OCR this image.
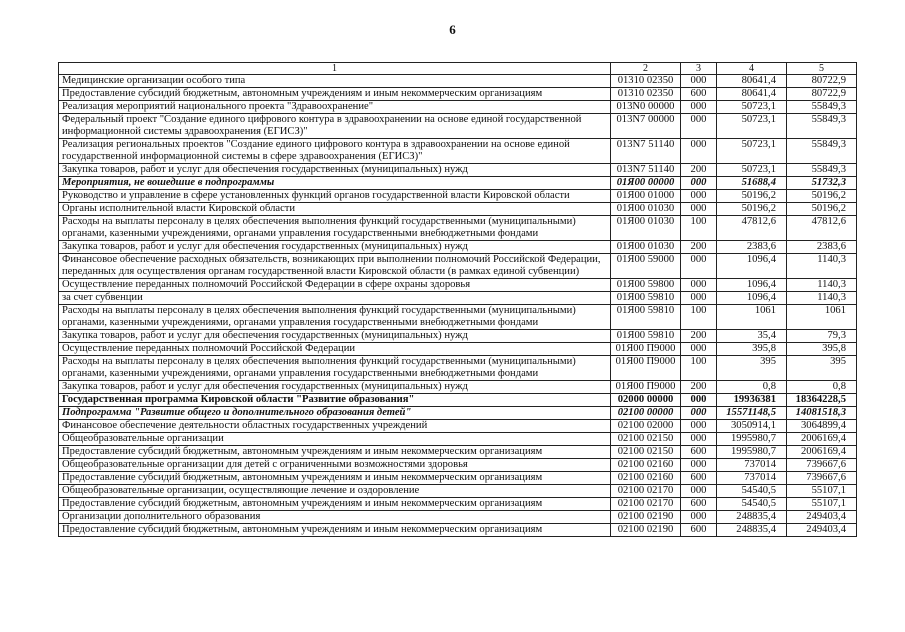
6
1	2	3	4	5
Медицинские организации особого типа	01310 02350	000	80641,4	80722,9
Предоставление субсидий бюджетным, автономным учреждениям и иным некоммерческим организациям	01310 02350	600	80641,4	80722,9
Реализация мероприятий национального проекта "Здравоохранение"	013N0 00000	000	50723,1	55849,3
Федеральный проект "Создание единого цифрового контура в здравоохранении на основе единой государственной информационной системы здравоохранения (ЕГИСЗ)"	013N7 00000	000	50723,1	55849,3
Реализация региональных проектов "Создание единого цифрового контура в здравоохранении на основе единой государственной информационной системы в сфере здравоохранения (ЕГИСЗ)"	013N7 51140	000	50723,1	55849,3
Закупка товаров, работ и услуг для обеспечения государственных (муниципальных) нужд	013N7 51140	200	50723,1	55849,3
Мероприятия, не вошедшие в подпрограммы	01Я00 00000	000	51688,4	51732,3
Руководство и управление в сфере установленных функций органов государственной власти Кировской области	01Я00 01000	000	50196,2	50196,2
Органы исполнительной власти Кировской области	01Я00 01030	000	50196,2	50196,2
Расходы на выплаты персоналу в целях обеспечения выполнения функций государственными (муниципальными) органами, казенными учреждениями, органами управления государственными внебюджетными фондами	01Я00 01030	100	47812,6	47812,6
Закупка товаров, работ и услуг для обеспечения государственных (муниципальных) нужд	01Я00 01030	200	2383,6	2383,6
Финансовое обеспечение расходных обязательств, возникающих при выполнении полномочий Российской Федерации, переданных для осуществления органам государственной власти Кировской области (в рамках единой субвенции)	01Я00 59000	000	1096,4	1140,3
Осуществление переданных полномочий Российской Федерации в сфере охраны здоровья	01Я00 59800	000	1096,4	1140,3
за счет субвенции	01Я00 59810	000	1096,4	1140,3
Расходы на выплаты персоналу в целях обеспечения выполнения функций государственными (муниципальными) органами, казенными учреждениями, органами управления государственными внебюджетными фондами	01Я00 59810	100	1061	1061
Закупка товаров, работ и услуг для обеспечения государственных (муниципальных) нужд	01Я00 59810	200	35,4	79,3
Осуществление переданных полномочий Российской Федерации	01Я00 П9000	000	395,8	395,8
Расходы на выплаты персоналу в целях обеспечения выполнения функций государственными (муниципальными) органами, казенными учреждениями, органами управления государственными внебюджетными фондами	01Я00 П9000	100	395	395
Закупка товаров, работ и услуг для обеспечения государственных (муниципальных) нужд	01Я00 П9000	200	0,8	0,8
Государственная программа Кировской области "Развитие образования"	02000 00000	000	19936381	18364228,5
Подпрограмма "Развитие общего и дополнительного образования детей"	02100 00000	000	15571148,5	14081518,3
Финансовое обеспечение деятельности областных государственных учреждений	02100 02000	000	3050914,1	3064899,4
Общеобразовательные организации	02100 02150	000	1995980,7	2006169,4
Предоставление субсидий бюджетным, автономным учреждениям и иным некоммерческим организациям	02100 02150	600	1995980,7	2006169,4
Общеобразовательные организации для детей с ограниченными возможностями здоровья	02100 02160	000	737014	739667,6
Предоставление субсидий бюджетным, автономным учреждениям и иным некоммерческим организациям	02100 02160	600	737014	739667,6
Общеобразовательные организации, осуществляющие лечение и оздоровление	02100 02170	000	54540,5	55107,1
Предоставление субсидий бюджетным, автономным учреждениям и иным некоммерческим организациям	02100 02170	600	54540,5	55107,1
Организации дополнительного образования	02100 02190	000	248835,4	249403,4
Предоставление субсидий бюджетным, автономным учреждениям и иным некоммерческим организациям	02100 02190	600	248835,4	249403,4
